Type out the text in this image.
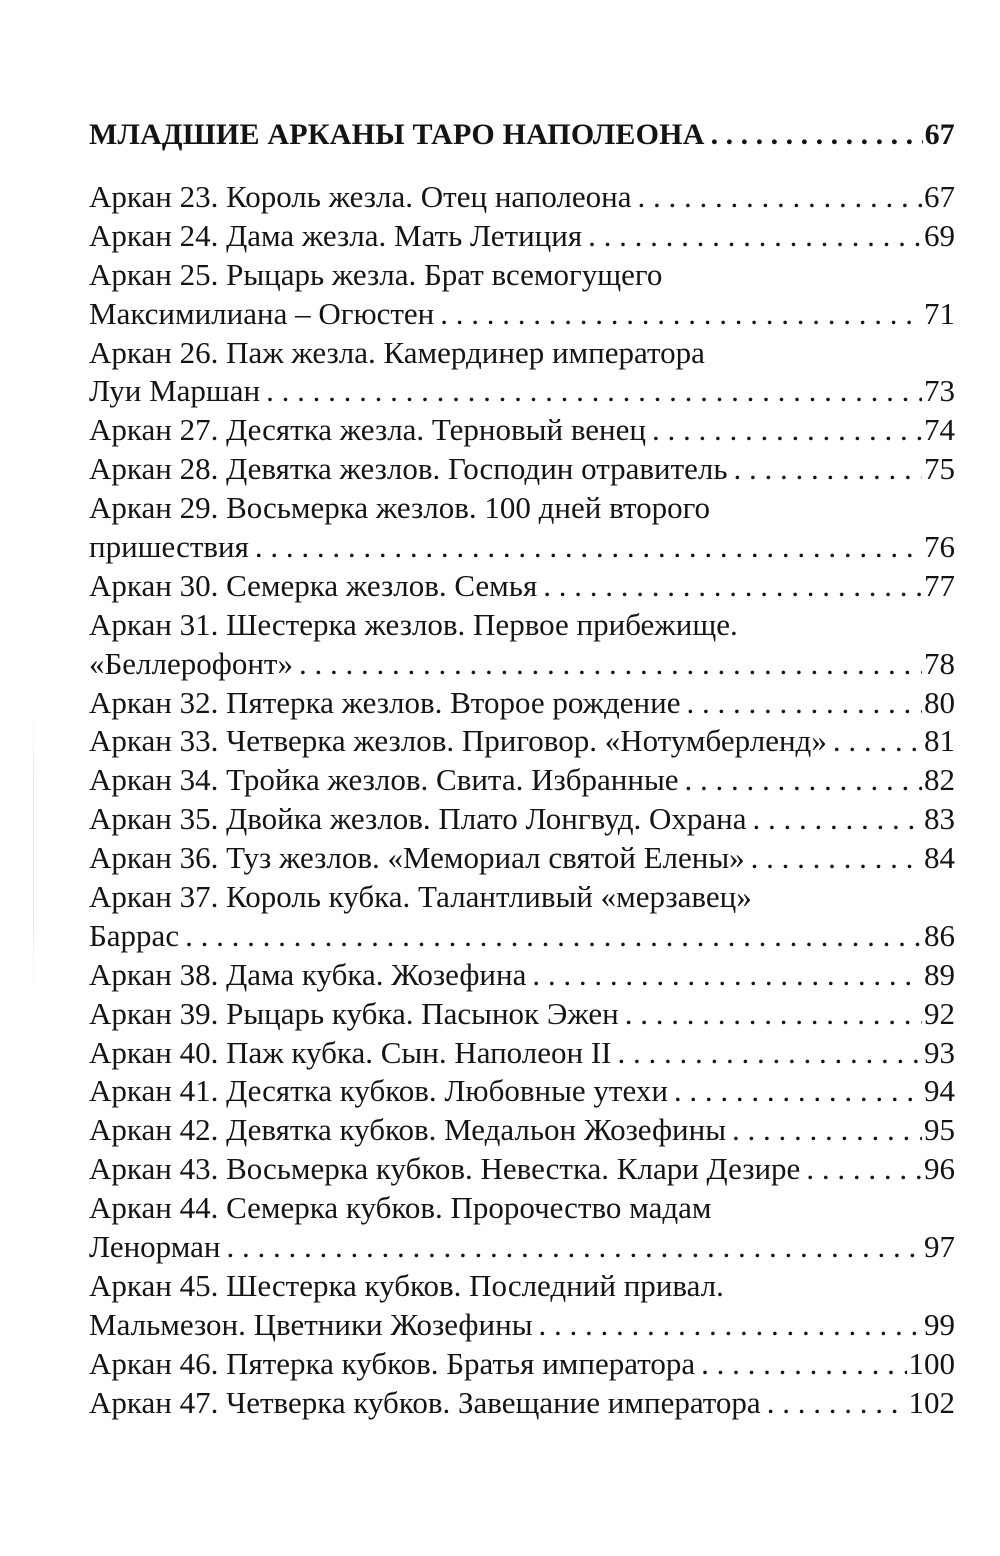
МЛАДШИЕ АРКАНЫ ТАРО НАПОЛЕОНА . . .	67
Аркан 23. Король жезла. Отец наполеона . . .	67
Аркан 24. Дама жезла. Мать Летиция . . .	69
Аркан 25. Рыцарь жезла. Брат всемогущего
Максимилиана – Огюстен . . .	71
Аркан 26. Паж жезла. Камердинер императора
Луи Маршан . . .	73
Аркан 27. Десятка жезла. Терновый венец . . .	74
Аркан 28. Девятка жезлов. Господин отравитель . . .	75
Аркан 29. Восьмерка жезлов. 100 дней второго
пришествия . . .	76
Аркан 30. Семерка жезлов. Семья . . .	77
Аркан 31. Шестерка жезлов. Первое прибежище.
«Беллерофонт» . . .	78
Аркан 32. Пятерка жезлов. Второе рождение . . .	80
Аркан 33. Четверка жезлов. Приговор. «Нотумберленд» . . .	81
Аркан 34. Тройка жезлов. Свита. Избранные . . .	82
Аркан 35. Двойка жезлов. Плато Лонгвуд. Охрана . . .	83
Аркан 36. Туз жезлов. «Мемориал святой Елены» . . .	84
Аркан 37. Король кубка. Талантливый «мерзавец»
Баррас . . .	86
Аркан 38. Дама кубка. Жозефина . . .	89
Аркан 39. Рыцарь кубка. Пасынок Эжен . . .	92
Аркан 40. Паж кубка. Сын. Наполеон II . . .	93
Аркан 41. Десятка кубков. Любовные утехи . . .	94
Аркан 42. Девятка кубков. Медальон Жозефины . . .	95
Аркан 43. Восьмерка кубков. Невестка. Клари Дезире . . .	96
Аркан 44. Семерка кубков. Пророчество мадам
Ленорман . . .	97
Аркан 45. Шестерка кубков. Последний привал.
Мальмезон. Цветники Жозефины . . .	99
Аркан 46. Пятерка кубков. Братья императора . . .	100
Аркан 47. Четверка кубков. Завещание императора . . .	102
